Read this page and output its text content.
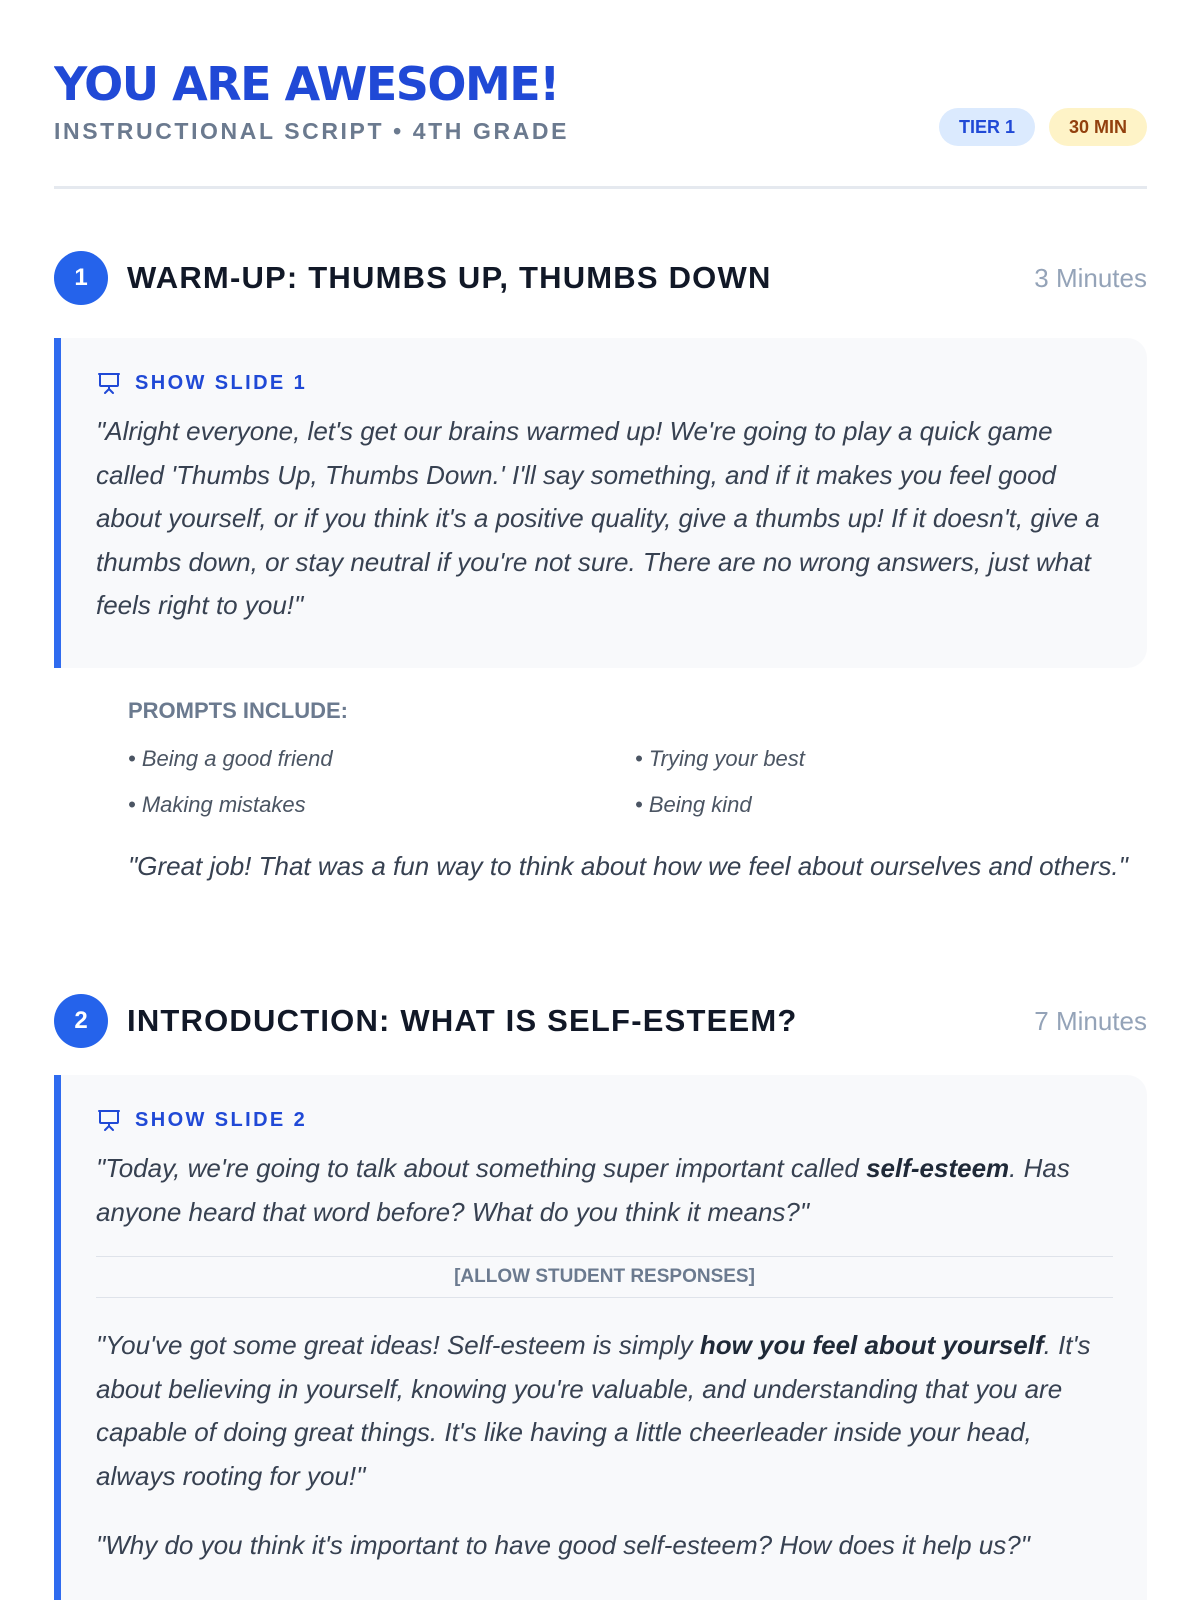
YOU ARE AWESOME!
INSTRUCTIONAL SCRIPT • 4TH GRADE	TIER 1	30 MIN
1	WARM-UP: THUMBS UP, THUMBS DOWN	3 Minutes
SHOW SLIDE 1

"Alright everyone, let's get our brains warmed up! We're going to play a quick game called 'Thumbs Up, Thumbs Down.' I'll say something, and if it makes you feel good about yourself, or if you think it's a positive quality, give a thumbs up! If it doesn't, give a thumbs down, or stay neutral if you're not sure. There are no wrong answers, just what feels right to you!"

PROMPTS INCLUDE:
• Being a good friend	• Trying your best
• Making mistakes	• Being kind

"Great job! That was a fun way to think about how we feel about ourselves and others."

2	INTRODUCTION: WHAT IS SELF-ESTEEM?	7 Minutes
SHOW SLIDE 2

"Today, we're going to talk about something super important called self-esteem. Has anyone heard that word before? What do you think it means?"

[ALLOW STUDENT RESPONSES]

"You've got some great ideas! Self-esteem is simply how you feel about yourself. It's about believing in yourself, knowing you're valuable, and understanding that you are capable of doing great things. It's like having a little cheerleader inside your head, always rooting for you!"

"Why do you think it's important to have good self-esteem? How does it help us?"
